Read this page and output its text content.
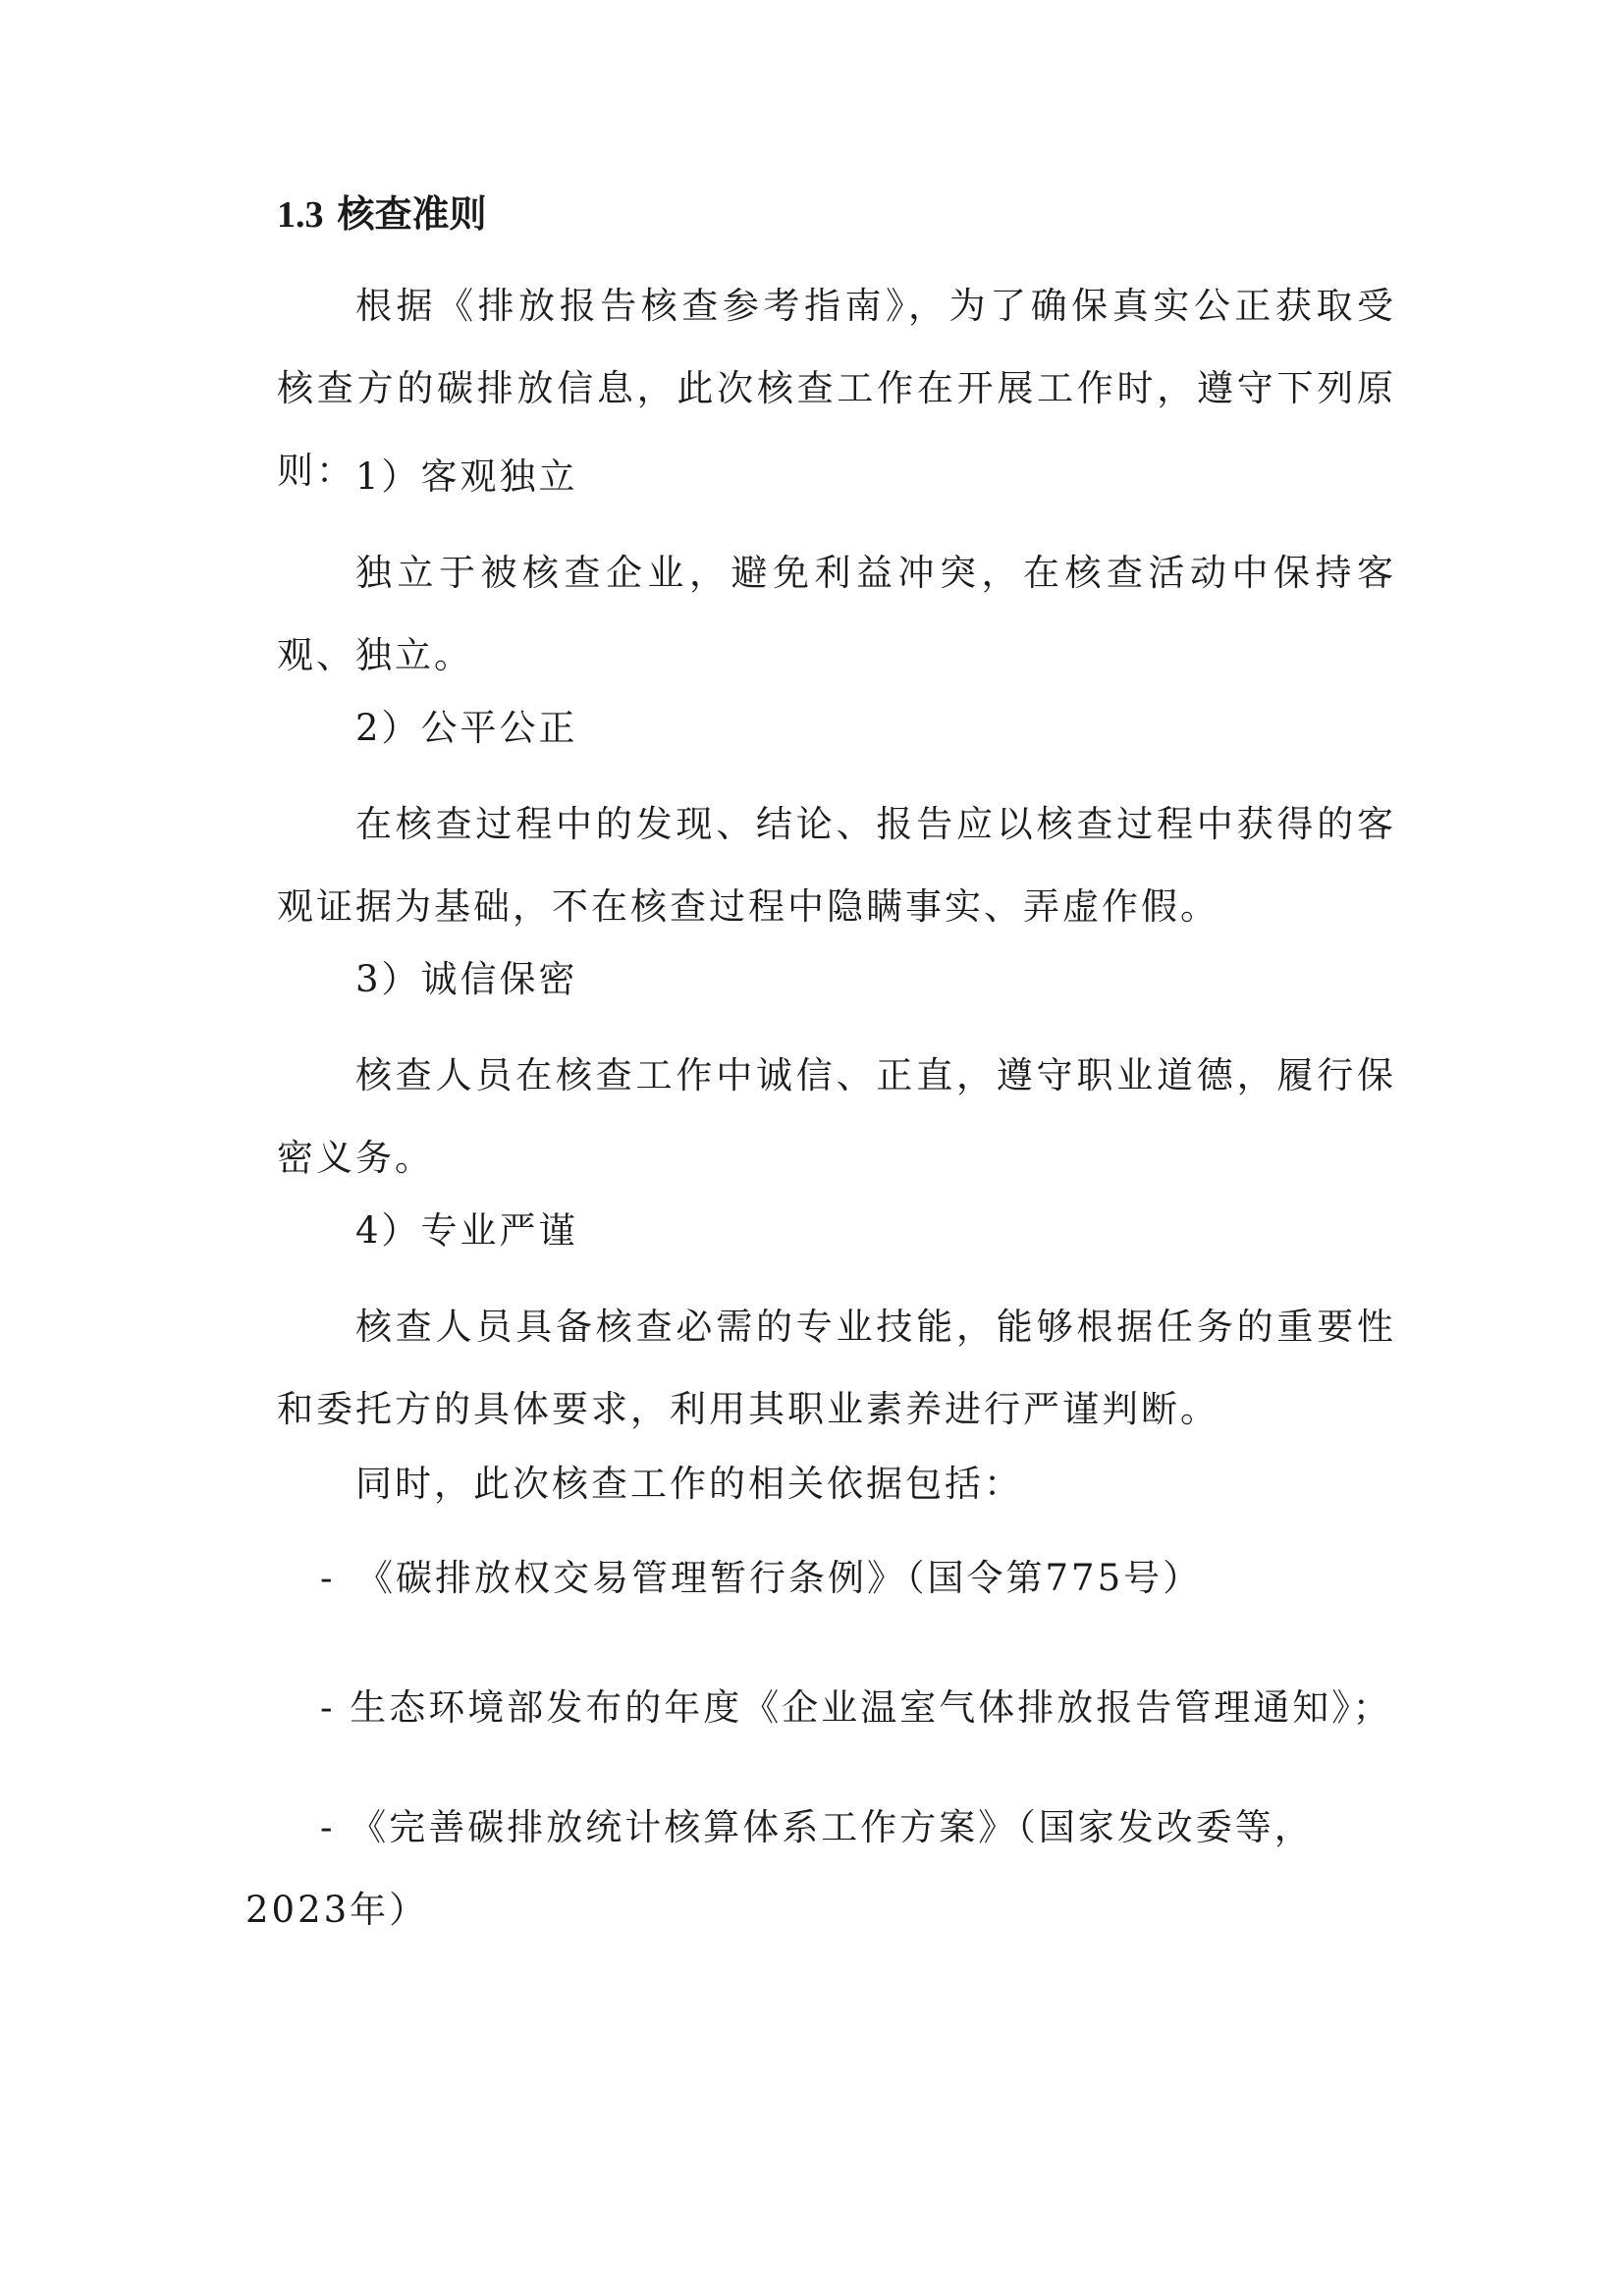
1.3 核查准则
根据《排放报告核查参考指南》，为了确保真实公正获取受核查方的碳排放信息，此次核查工作在开展工作时，遵守下列原则： 1）客观独立
独立于被核查企业，避免利益冲突，在核查活动中保持客观、独立。
2）公平公正
在核查过程中的发现、结论、报告应以核查过程中获得的客观证据为基础，不在核查过程中隐瞒事实、弄虚作假。
3）诚信保密
核查人员在核查工作中诚信、正直，遵守职业道德，履行保密义务。
4）专业严谨
核查人员具备核查必需的专业技能，能够根据任务的重要性和委托方的具体要求，利用其职业素养进行严谨判断。
同时，此次核查工作的相关依据包括：
-　《碳排放权交易管理暂行条例》（国令第775号）
- 生态环境部发布的年度《企业温室气体排放报告管理通知》；
- 《完善碳排放统计核算体系工作方案》（国家发改委等，2023年）
